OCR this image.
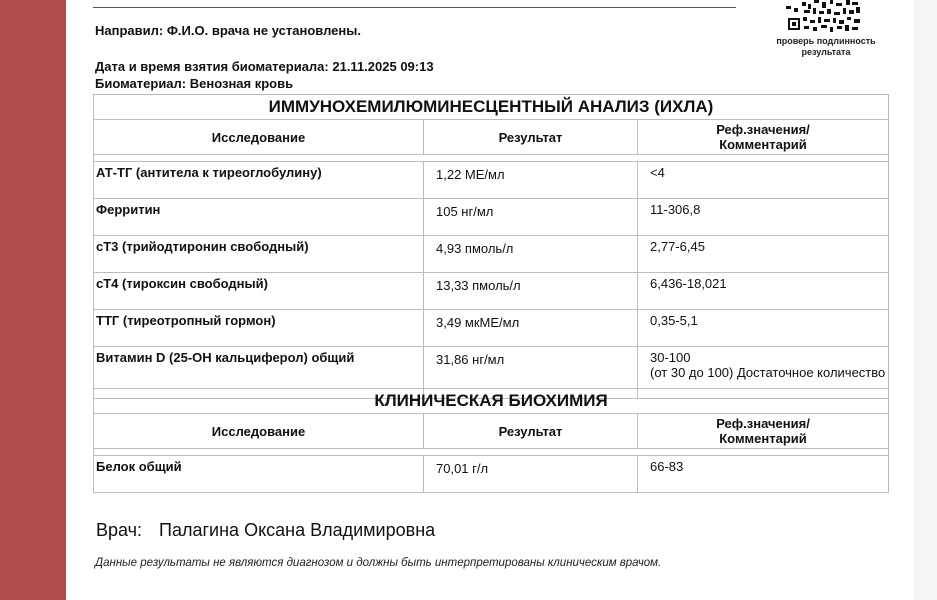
проверь подлинность
результата
Направил: Ф.И.О. врача не установлены.
Дата и время взятия биоматериала: 21.11.2025 09:13
Биоматериал: Венозная кровь
ИММУНОХЕМИЛЮМИНЕСЦЕНТНЫЙ АНАЛИЗ (ИХЛА)		
Исследование	Результат	Реф.значения/
Комментарий

АТ-ТГ (антитела к тиреоглобулину)	1,22 МЕ/мл	<4
Ферритин	105 нг/мл	11-306,8
сТ3 (трийодтиронин свободный)	4,93 пмоль/л	2,77-6,45
сТ4 (тироксин свободный)	13,33 пмоль/л	6,436-18,021
ТТГ (тиреотропный гормон)	3,49 мкМЕ/мл	0,35-5,1
Витамин D (25-ОН кальциферол) общий	31,86 нг/мл	30-100
(от 30 до 100) Достаточное количество
КЛИНИЧЕСКАЯ БИОХИМИЯ		
Исследование	Результат	Реф.значения/
Комментарий

Белок общий	70,01 г/л	66-83
Врач: Палагина Оксана Владимировна
Данные результаты не являются диагнозом и должны быть интерпретированы клиническим врачом.
